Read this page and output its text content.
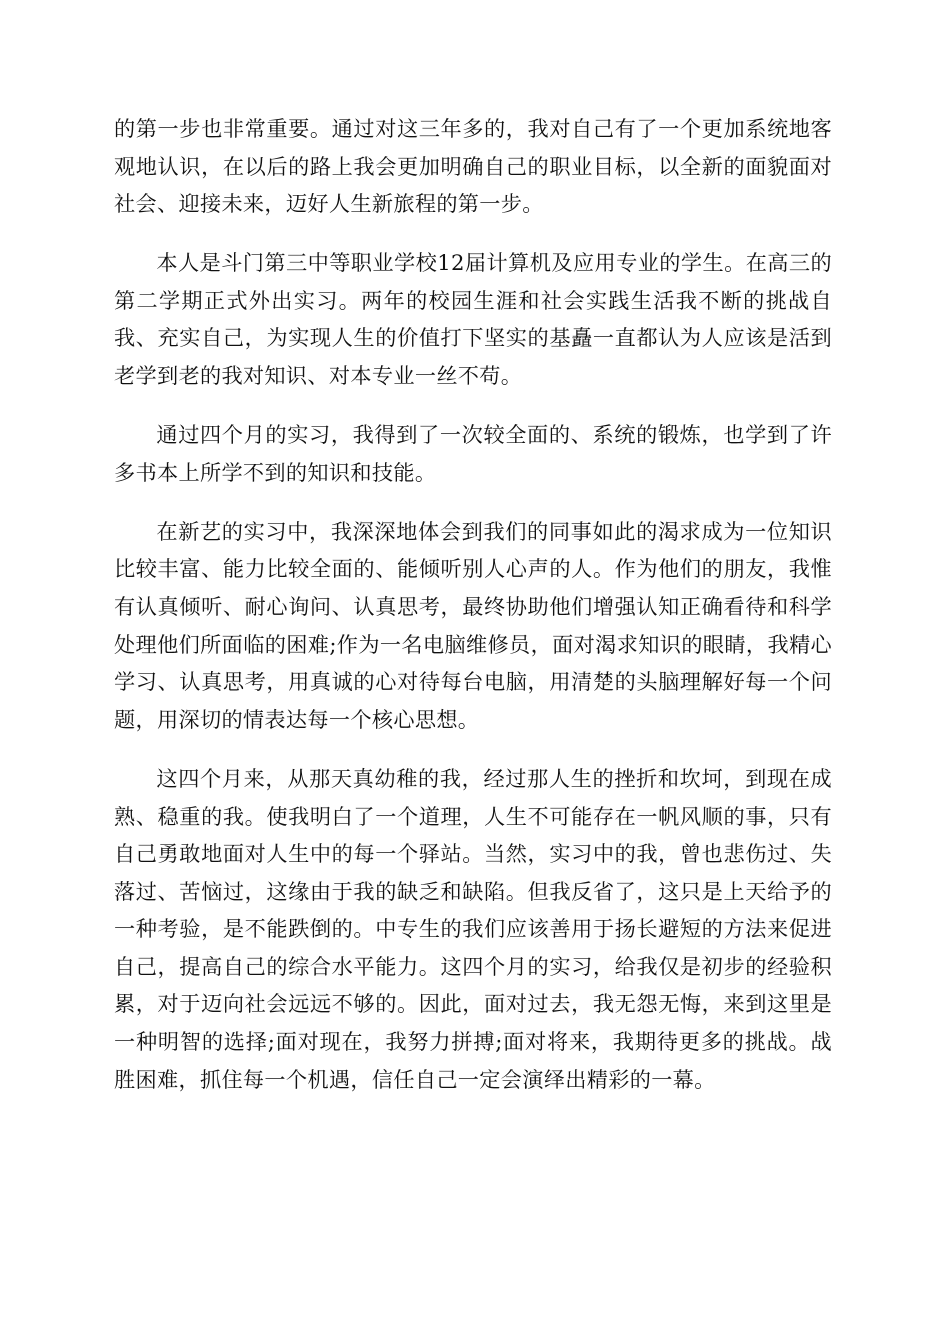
的第一步也非常重要。通过对这三年多的，我对自己有了一个更加系统地客观地认识，在以后的路上我会更加明确自己的职业目标，以全新的面貌面对社会、迎接未来，迈好人生新旅程的第一步。

本人是斗门第三中等职业学校12届计算机及应用专业的学生。在高三的第二学期正式外出实习。两年的校园生涯和社会实践生活我不断的挑战自我、充实自己，为实现人生的价值打下坚实的基矗一直都认为人应该是活到老学到老的我对知识、对本专业一丝不苟。

通过四个月的实习，我得到了一次较全面的、系统的锻炼，也学到了许多书本上所学不到的知识和技能。

在新艺的实习中，我深深地体会到我们的同事如此的渴求成为一位知识比较丰富、能力比较全面的、能倾听别人心声的人。作为他们的朋友，我惟有认真倾听、耐心询问、认真思考，最终协助他们增强认知正确看待和科学处理他们所面临的困难;作为一名电脑维修员，面对渴求知识的眼睛，我精心学习、认真思考，用真诚的心对待每台电脑，用清楚的头脑理解好每一个问题，用深切的情表达每一个核心思想。

这四个月来，从那天真幼稚的我，经过那人生的挫折和坎坷，到现在成熟、稳重的我。使我明白了一个道理，人生不可能存在一帆风顺的事，只有自己勇敢地面对人生中的每一个驿站。当然，实习中的我，曾也悲伤过、失落过、苦恼过，这缘由于我的缺乏和缺陷。但我反省了，这只是上天给予的一种考验，是不能跌倒的。中专生的我们应该善用于扬长避短的方法来促进自己，提高自己的综合水平能力。这四个月的实习，给我仅是初步的经验积累，对于迈向社会远远不够的。因此，面对过去，我无怨无悔，来到这里是一种明智的选择;面对现在，我努力拼搏;面对将来，我期待更多的挑战。战胜困难，抓住每一个机遇，信任自己一定会演绎出精彩的一幕。
